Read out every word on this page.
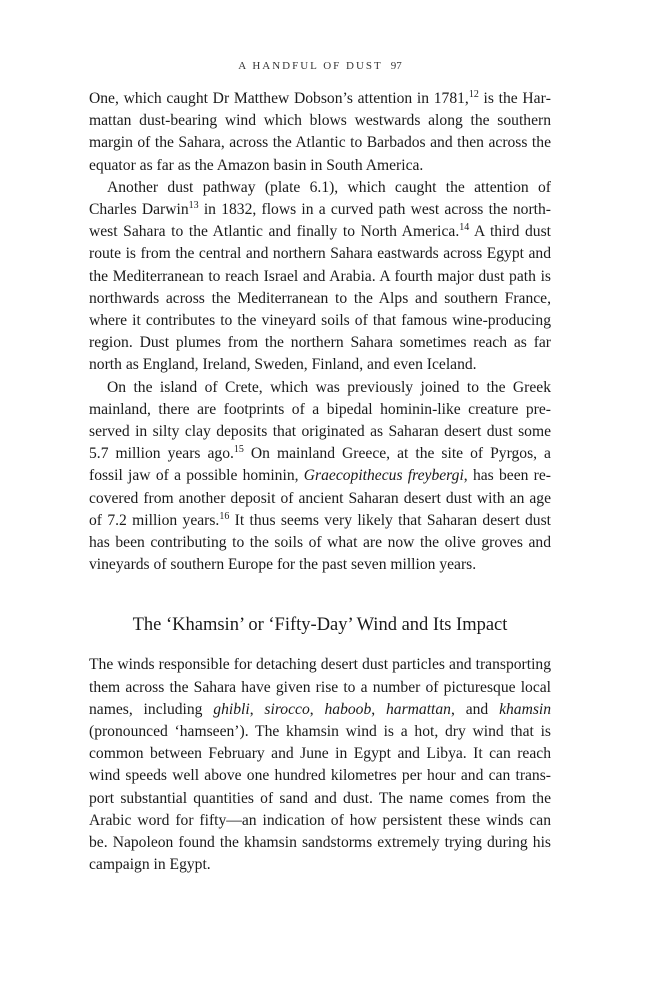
A HANDFUL OF DUST 97

One, which caught Dr Matthew Dobson’s attention in 1781,12 is the Harmattan dust-bearing wind which blows westwards along the southern margin of the Sahara, across the Atlantic to Barbados and then across the equator as far as the Amazon basin in South America.

Another dust pathway (plate 6.1), which caught the attention of Charles Darwin$^{13}$ in 1832, flows in a curved path west across the northwest Sahara to the Atlantic and finally to North America.$^{14}$ A third dust route is from the central and northern Sahara eastwards across Egypt and the Mediterranean to reach Israel and Arabia. A fourth major dust path is northwards across the Mediterranean to the Alps and southern France, where it contributes to the vineyard soils of that famous wine-producing region. Dust plumes from the northern Sahara sometimes reach as far north as England, Ireland, Sweden, Finland, and even Iceland.

On the island of Crete, which was previously joined to the Greek mainland, there are footprints of a bipedal hominin-like creature preserved in silty clay deposits that originated as Saharan desert dust some 5.7 million years ago.$^{15}$ On mainland Greece, at the site of Pyrgos, a fossil jaw of a possible hominin, Graecopithecus freybergi, has been recovered from another deposit of ancient Saharan desert dust with an age of 7.2 million years.$^{16}$ It thus seems very likely that Saharan desert dust has been contributing to the soils of what are now the olive groves and vineyards of southern Europe for the past seven million years.

The ‘Khamsin’ or ‘Fifty-Day’ Wind and Its Impact

The winds responsible for detaching desert dust particles and transporting them across the Sahara have given rise to a number of picturesque local names, including ghibli, sirocco, haboob, harmattan, and khamsin (pronounced ‘hamseen’). The khamsin wind is a hot, dry wind that is common between February and June in Egypt and Libya. It can reach wind speeds well above one hundred kilometres per hour and can transport substantial quantities of sand and dust. The name comes from the Arabic word for fifty—an indication of how persistent these winds can be. Napoleon found the khamsin sandstorms extremely trying during his campaign in Egypt.
